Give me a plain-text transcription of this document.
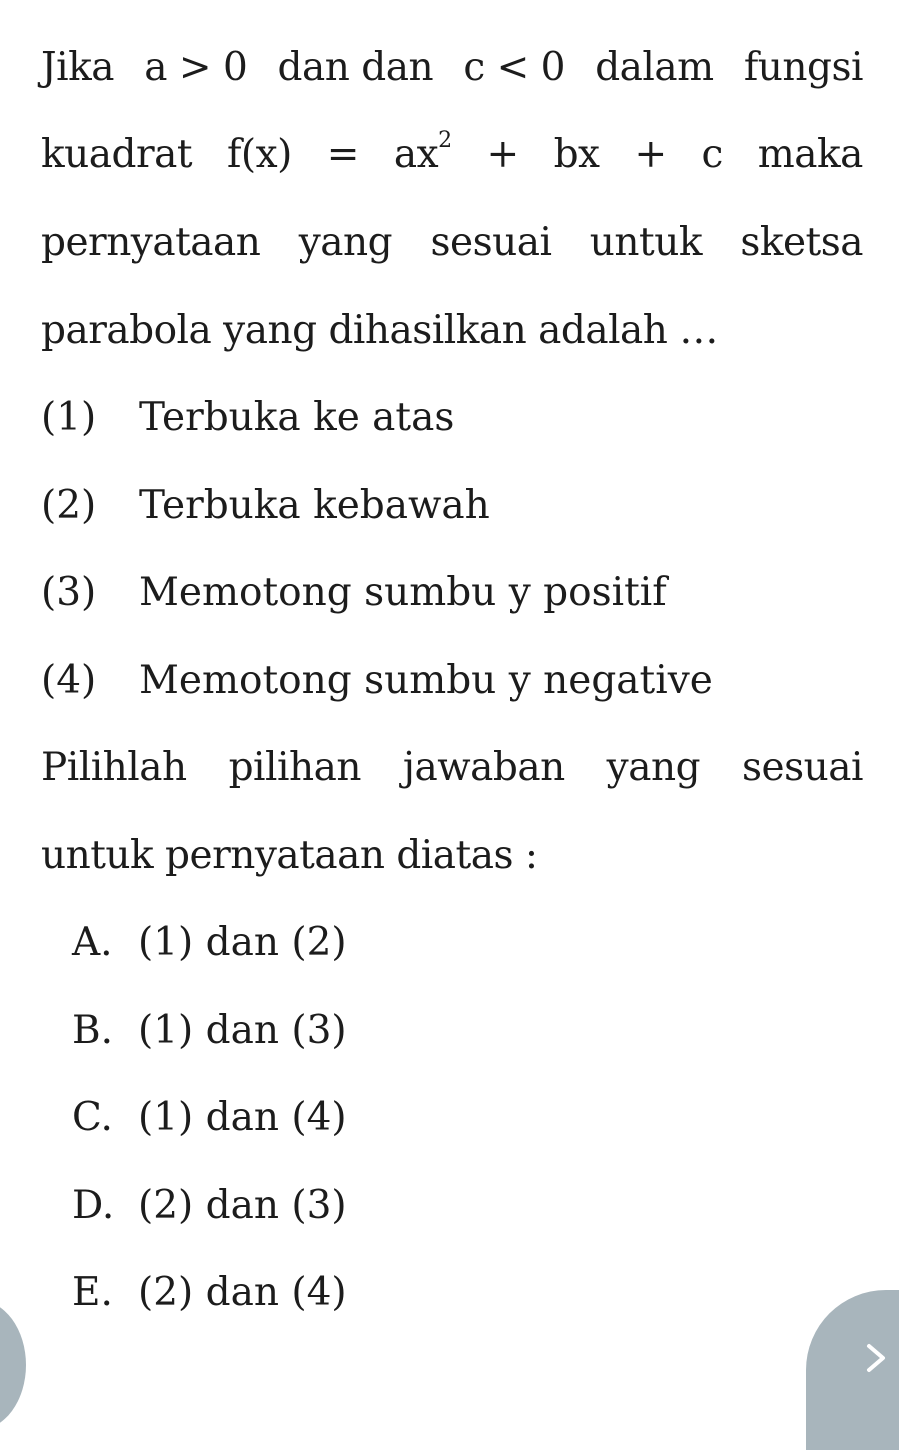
Jika a > 0 dan dan c < 0 dalam fungsi
kuadrat $f(x) = ax^2$ + bx + c maka
pernyataan yang sesuai untuk sketsa
parabola yang dihasilkan adalah …
(1) Terbuka ke atas
(2) Terbuka kebawah
(3) Memotong sumbu y positif
(4) Memotong sumbu y negative
Pilihlah pilihan jawaban yang sesuai
untuk pernyataan diatas :
A. (1) dan (2)
B. (1) dan (3)
C. (1) dan (4)
D. (2) dan (3)
E. (2) dan (4)
